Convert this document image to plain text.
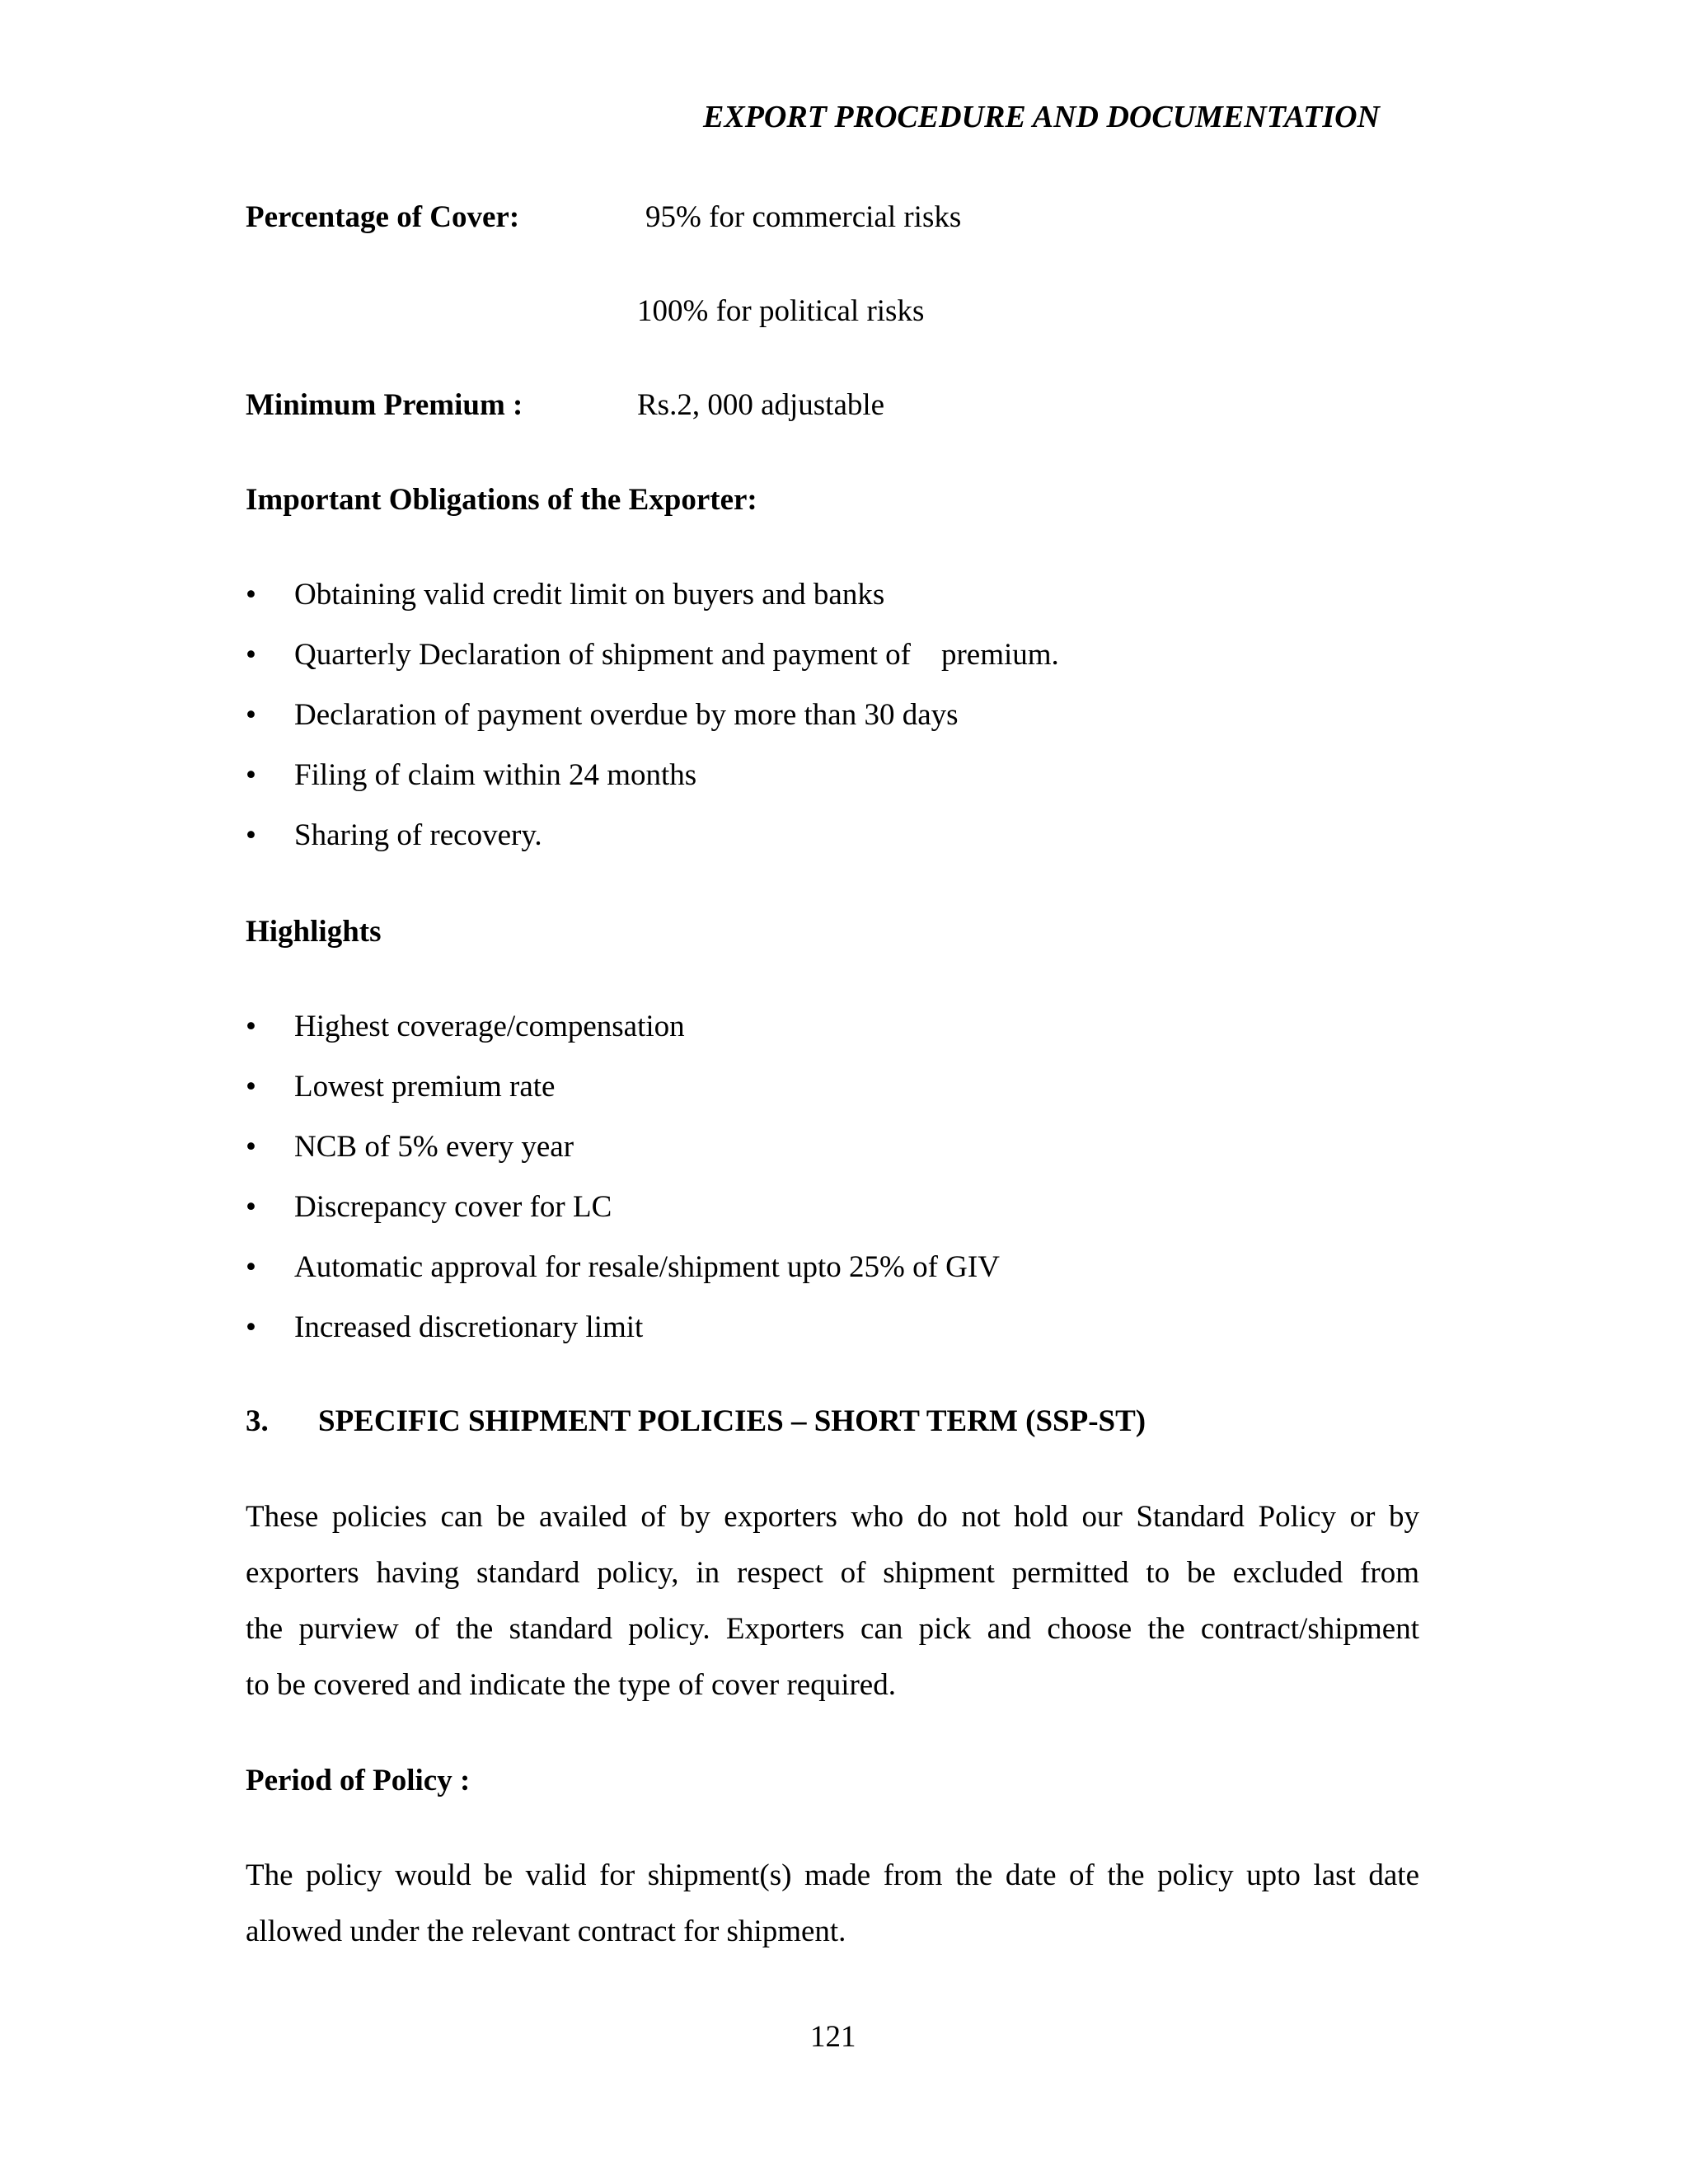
EXPORT PROCEDURE AND DOCUMENTATION
Percentage of Cover:	95% for commercial risks
100% for political risks
Minimum Premium :	Rs.2, 000 adjustable
Important Obligations of the Exporter:
• Obtaining valid credit limit on buyers and banks
• Quarterly Declaration of shipment and payment of    premium.
• Declaration of payment overdue by more than 30 days
• Filing of claim within 24 months
• Sharing of recovery.
Highlights
• Highest coverage/compensation
• Lowest premium rate
• NCB of 5% every year
• Discrepancy cover for LC
• Automatic approval for resale/shipment upto 25% of GIV
• Increased discretionary limit
3. SPECIFIC SHIPMENT POLICIES – SHORT TERM (SSP-ST)
These policies can be availed of by exporters who do not hold our Standard Policy or by
exporters having standard policy, in respect of shipment permitted to be excluded from
the purview of the standard policy. Exporters can pick and choose the contract/shipment
to be covered and indicate the type of cover required.
Period of Policy :
The policy would be valid for shipment(s) made from the date of the policy upto last date
allowed under the relevant contract for shipment.
121
